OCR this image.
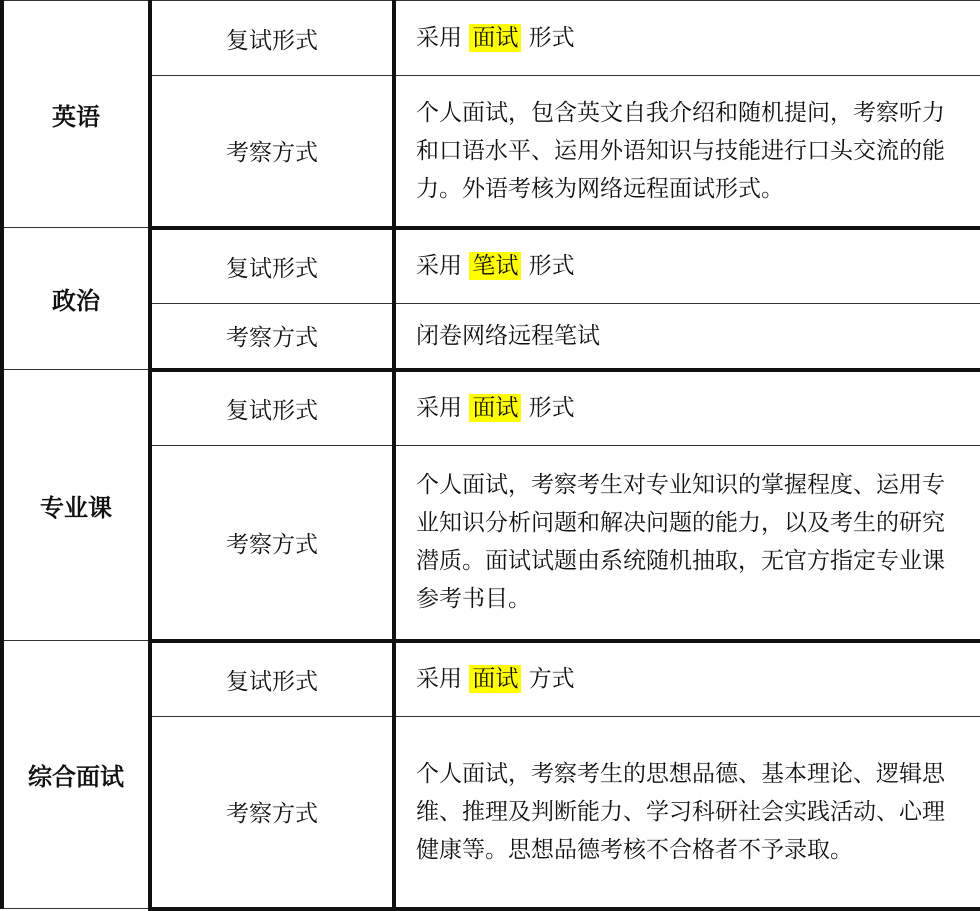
英语	复试形式	采用 面试 形式
	考察方式	个人面试，包含英文自我介绍和随机提问，考察听力和口语水平、运用外语知识与技能进行口头交流的能力。外语考核为网络远程面试形式。
政治	复试形式	采用 笔试 形式
	考察方式	闭卷网络远程笔试
专业课	复试形式	采用 面试 形式
	考察方式	个人面试，考察考生对专业知识的掌握程度、运用专业知识分析问题和解决问题的能力，以及考生的研究潜质。面试试题由系统随机抽取，无官方指定专业课参考书目。
综合面试	复试形式	采用 面试 方式
	考察方式	个人面试，考察考生的思想品德、基本理论、逻辑思维、推理及判断能力、学习科研社会实践活动、心理健康等。思想品德考核不合格者不予录取。
